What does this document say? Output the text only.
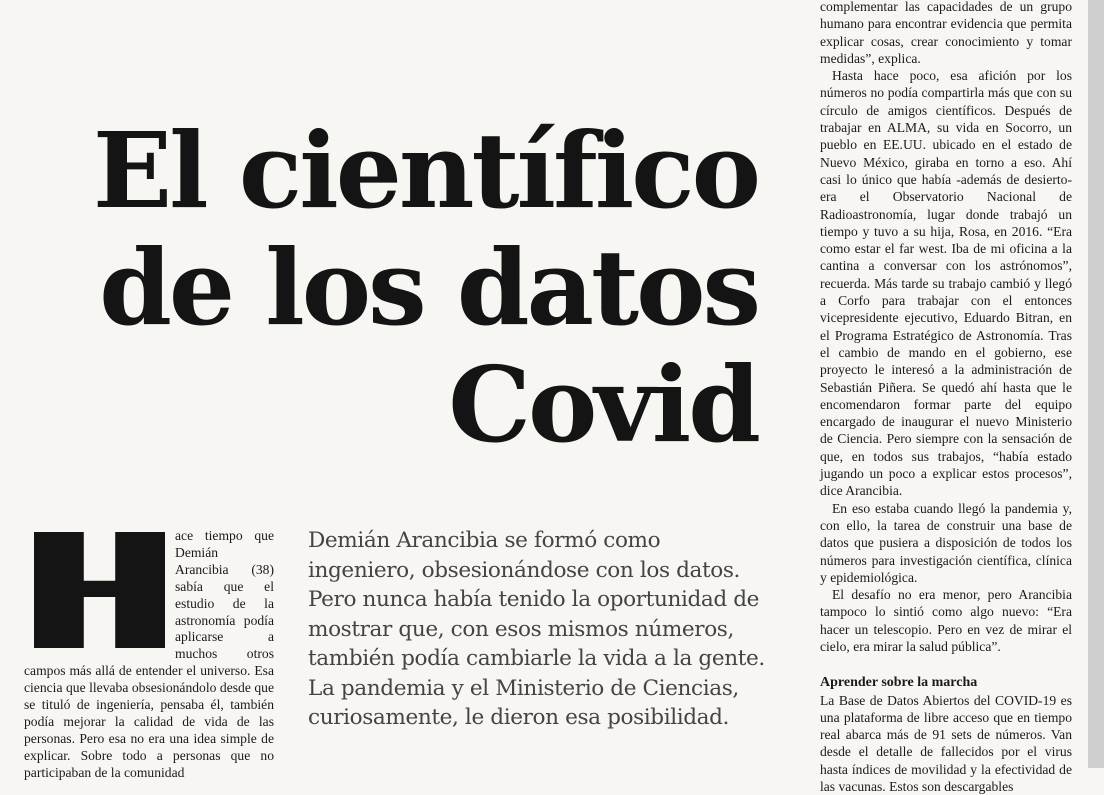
El científico
de los datos
Covid

ace tiempo que Demián Arancibia (38) sabía que el estudio de la astronomía podía aplicarse a muchos otros campos más allá de entender el universo. Esa ciencia que llevaba obsesionándolo desde que se tituló de ingeniería, pensaba él, también podía mejorar la calidad de vida de las personas. Pero esa no era una idea simple de explicar. Sobre todo a personas que no participaban de la comunidad

Demián Arancibia se formó como
ingeniero, obsesionándose con los datos.
Pero nunca había tenido la oportunidad de
mostrar que, con esos mismos números,
también podía cambiarle la vida a la gente.
La pandemia y el Ministerio de Ciencias,
curiosamente, le dieron esa posibilidad.

complementar las capacidades de un grupo humano para encontrar evidencia que permita explicar cosas, crear conocimiento y tomar medidas”, explica.

Hasta hace poco, esa afición por los números no podía compartirla más que con su círculo de amigos científicos. Después de trabajar en ALMA, su vida en Socorro, un pueblo en EE.UU. ubicado en el estado de Nuevo México, giraba en torno a eso. Ahí casi lo único que había -además de desierto- era el Observatorio Nacional de Radioastronomía, lugar donde trabajó un tiempo y tuvo a su hija, Rosa, en 2016. “Era como estar el far west. Iba de mi oficina a la cantina a conversar con los astrónomos”, recuerda. Más tarde su trabajo cambió y llegó a Corfo para trabajar con el entonces vicepresidente ejecutivo, Eduardo Bitran, en el Programa Estratégico de Astronomía. Tras el cambio de mando en el gobierno, ese proyecto le interesó a la administración de Sebastián Piñera. Se quedó ahí hasta que le encomendaron formar parte del equipo encargado de inaugurar el nuevo Ministerio de Ciencia. Pero siempre con la sensación de que, en todos sus trabajos, “había estado jugando un poco a explicar estos procesos”, dice Arancibia.

En eso estaba cuando llegó la pandemia y, con ello, la tarea de construir una base de datos que pusiera a disposición de todos los números para investigación científica, clínica y epidemiológica.

El desafío no era menor, pero Arancibia tampoco lo sintió como algo nuevo: “Era hacer un telescopio. Pero en vez de mirar el cielo, era mirar la salud pública”.

Aprender sobre la marcha

La Base de Datos Abiertos del COVID-19 es una plataforma de libre acceso que en tiempo real abarca más de 91 sets de números. Van desde el detalle de fallecidos por el virus hasta índices de movilidad y la efectividad de las vacunas. Estos son descargables
